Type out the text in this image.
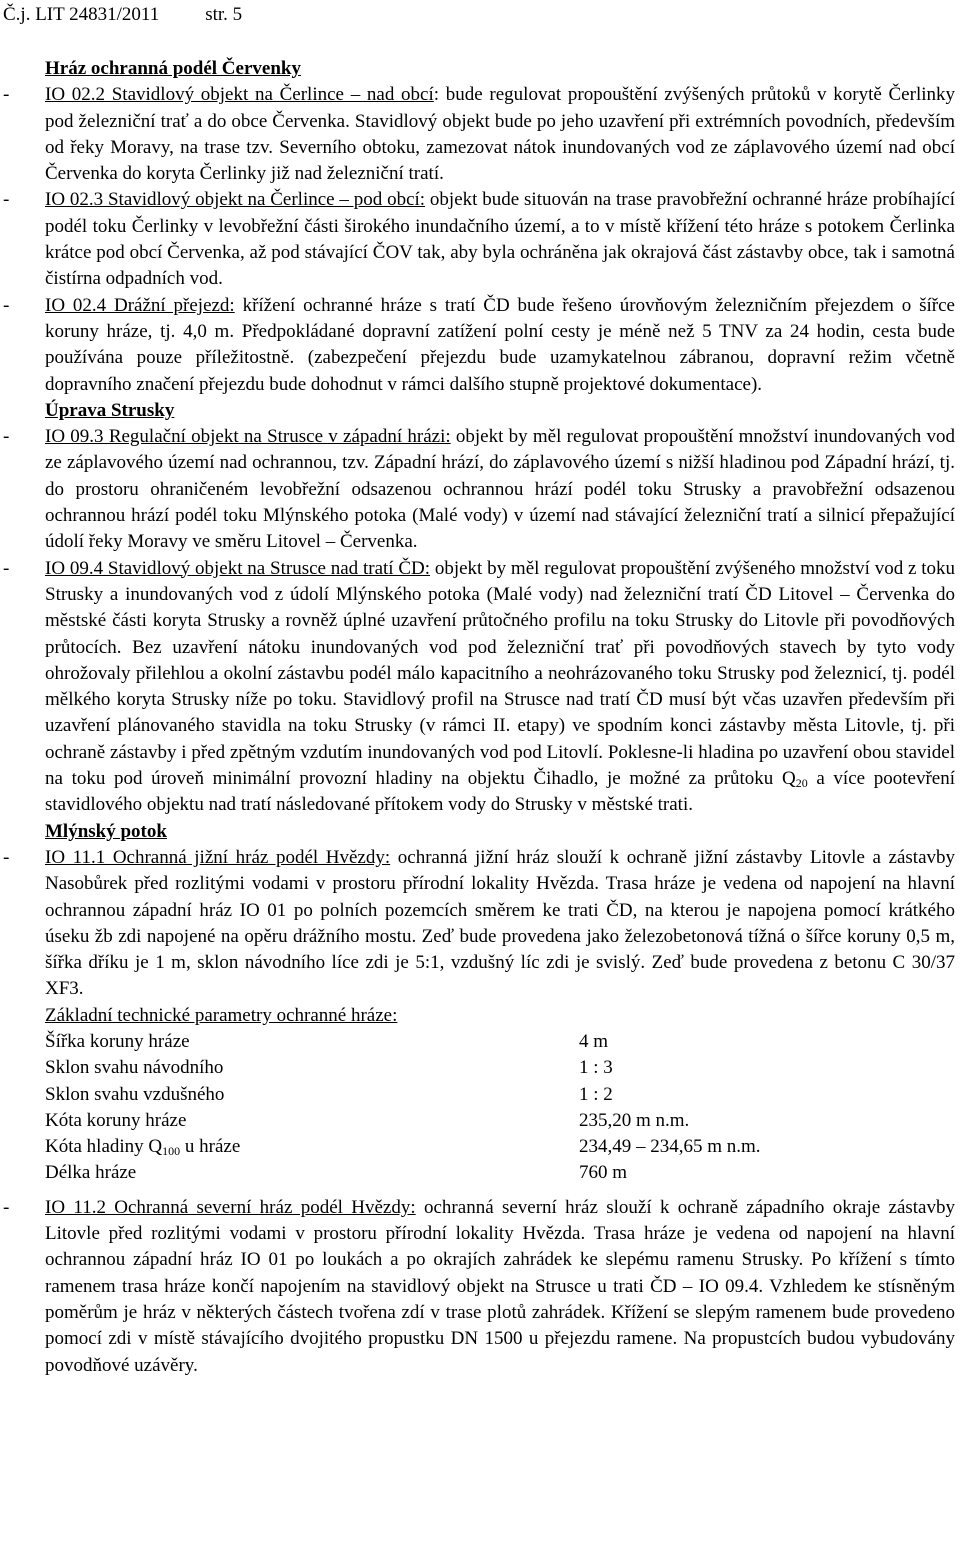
Č.j. LIT 24831/2011 str. 5
Hráz ochranná podél Červenky
- IO 02.2 Stavidlový objekt na Čerlince – nad obcí: bude regulovat propouštění zvýšených průtoků v korytě Čerlinky pod železniční trať a do obce Červenka. Stavidlový objekt bude po jeho uzavření při extrémních povodních, především od řeky Moravy, na trase tzv. Severního obtoku, zamezovat nátok inundovaných vod ze záplavového území nad obcí Červenka do koryta Čerlinky již nad železniční tratí.
- IO 02.3 Stavidlový objekt na Čerlince – pod obcí: objekt bude situován na trase pravobřežní ochranné hráze probíhající podél toku Čerlinky v levobřežní části širokého inundačního území, a to v místě křížení této hráze s potokem Čerlinka krátce pod obcí Červenka, až pod stávající ČOV tak, aby byla ochráněna jak okrajová část zástavby obce, tak i samotná čistírna odpadních vod.
- IO 02.4 Drážní přejezd: křížení ochranné hráze s tratí ČD bude řešeno úrovňovým železničním přejezdem o šířce koruny hráze, tj. 4,0 m. Předpokládané dopravní zatížení polní cesty je méně než 5 TNV za 24 hodin, cesta bude používána pouze příležitostně. (zabezpečení přejezdu bude uzamykatelnou zábranou, dopravní režim včetně dopravního značení přejezdu bude dohodnut v rámci dalšího stupně projektové dokumentace).
Úprava Strusky
- IO 09.3 Regulační objekt na Strusce v západní hrázi: objekt by měl regulovat propouštění množství inundovaných vod ze záplavového území nad ochrannou, tzv. Západní hrází, do záplavového území s nižší hladinou pod Západní hrází, tj. do prostoru ohraničeném levobřežní odsazenou ochrannou hrází podél toku Strusky a pravobřežní odsazenou ochrannou hrází podél toku Mlýnského potoka (Malé vody) v území nad stávající železniční tratí a silnicí přepažující údolí řeky Moravy ve směru Litovel – Červenka.
- IO 09.4 Stavidlový objekt na Strusce nad tratí ČD: objekt by měl regulovat propouštění zvýšeného množství vod z toku Strusky a inundovaných vod z údolí Mlýnského potoka (Malé vody) nad železniční tratí ČD Litovel – Červenka do městské části koryta Strusky a rovněž úplné uzavření průtočného profilu na toku Strusky do Litovle při povodňových průtocích. Bez uzavření nátoku inundovaných vod pod železniční trať při povodňových stavech by tyto vody ohrožovaly přilehlou a okolní zástavbu podél málo kapacitního a neohrázovaného toku Strusky pod železnicí, tj. podél mělkého koryta Strusky níže po toku. Stavidlový profil na Strusce nad tratí ČD musí být včas uzavřen především při uzavření plánovaného stavidla na toku Strusky (v rámci II. etapy) ve spodním konci zástavby města Litovle, tj. při ochraně zástavby i před zpětným vzdutím inundovaných vod pod Litovlí. Poklesne-li hladina po uzavření obou stavidel na toku pod úroveň minimální provozní hladiny na objektu Čihadlo, je možné za průtoku $Q_{20}$ a více pootevření stavidlového objektu nad tratí následované přítokem vody do Strusky v městské trati.
Mlýnský potok
- IO 11.1 Ochranná jižní hráz podél Hvězdy: ochranná jižní hráz slouží k ochraně jižní zástavby Litovle a zástavby Nasobůrek před rozlitými vodami v prostoru přírodní lokality Hvězda. Trasa hráze je vedena od napojení na hlavní ochrannou západní hráz IO 01 po polních pozemcích směrem ke trati ČD, na kterou je napojena pomocí krátkého úseku žb zdi napojené na opěru drážního mostu. Zeď bude provedena jako železobetonová tížná o šířce koruny 0,5 m, šířka dříku je 1 m, sklon návodního líce zdi je 5:1, vzdušný líc zdi je svislý. Zeď bude provedena z betonu C 30/37 XF3.
Základní technické parametry ochranné hráze:
Šířka koruny hráze	4 m
Sklon svahu návodního	1 : 3
Sklon svahu vzdušného	1 : 2
Kóta koruny hráze	235,20 m n.m.
Kóta hladiny $Q_{100}$ u hráze	234,49 – 234,65 m n.m.
Délka hráze	760 m
- IO 11.2 Ochranná severní hráz podél Hvězdy: ochranná severní hráz slouží k ochraně západního okraje zástavby Litovle před rozlitými vodami v prostoru přírodní lokality Hvězda. Trasa hráze je vedena od napojení na hlavní ochrannou západní hráz IO 01 po loukách a po okrajích zahrádek ke slepému ramenu Strusky. Po křížení s tímto ramenem trasa hráze končí napojením na stavidlový objekt na Strusce u trati ČD – IO 09.4. Vzhledem ke stísněným poměrům je hráz v některých částech tvořena zdí v trase plotů zahrádek. Křížení se slepým ramenem bude provedeno pomocí zdi v místě stávajícího dvojitého propustku DN 1500 u přejezdu ramene. Na propustcích budou vybudovány povodňové uzávěry.
